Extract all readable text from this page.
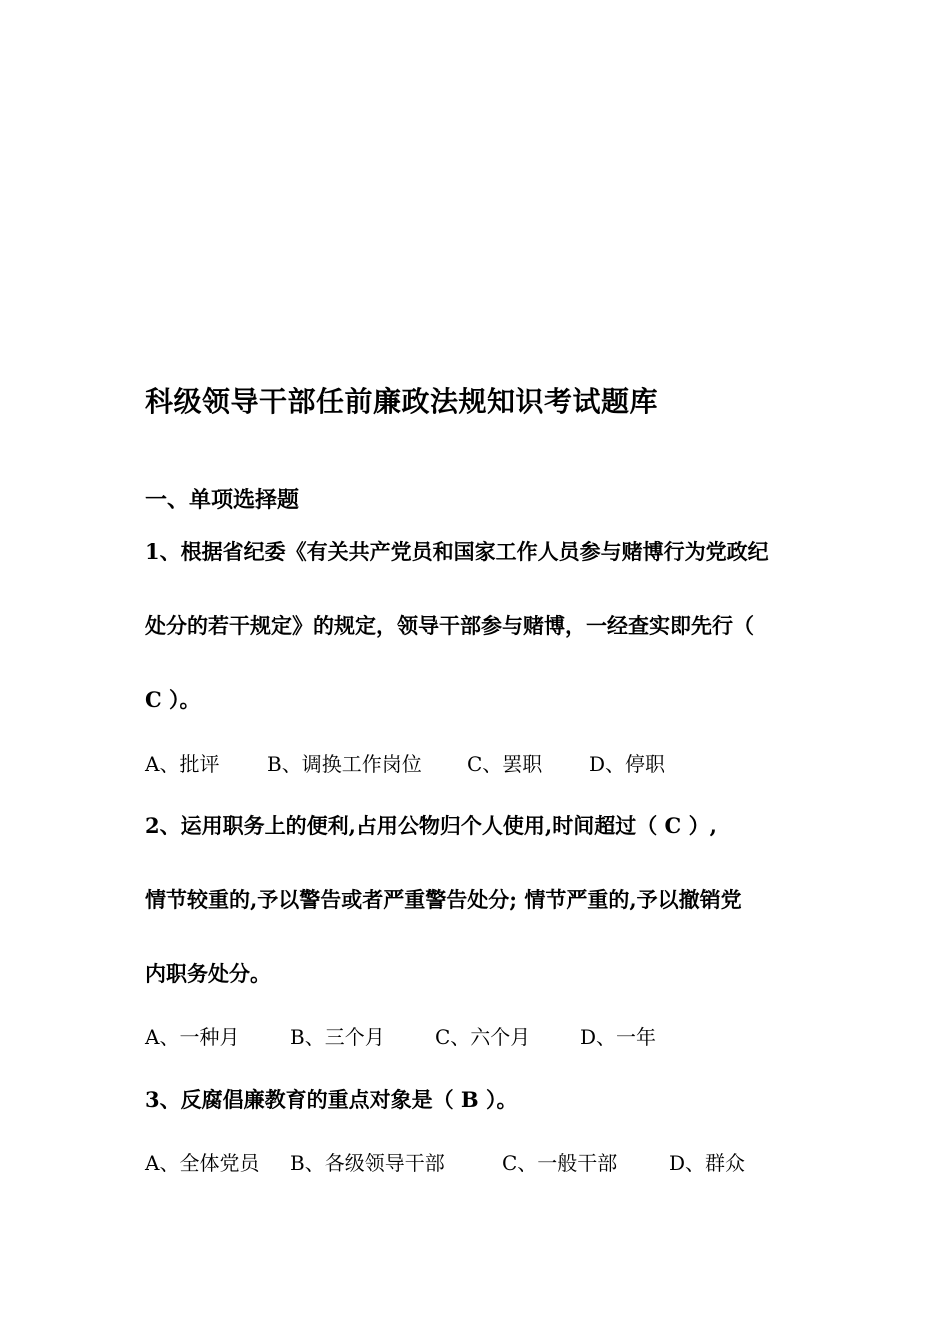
科级领导干部任前廉政法规知识考试题库
一、单项选择题
1、根据省纪委《有关共产党员和国家工作人员参与赌博行为党政纪
处分的若干规定》的规定，领导干部参与赌博，一经查实即先行（
C ）。
A、批评 B、调换工作岗位 C、罢职 D、停职
2、运用职务上的便利,占用公物归个人使用,时间超过（ C ）,
情节较重的,予以警告或者严重警告处分; 情节严重的,予以撤销党
内职务处分。
A、一种月	B、三个月	C、六个月 D、一年
3、反腐倡廉教育的重点对象是（ B ）。
A、全体党员 B、各级领导干部	C、一般干部	D、群众
